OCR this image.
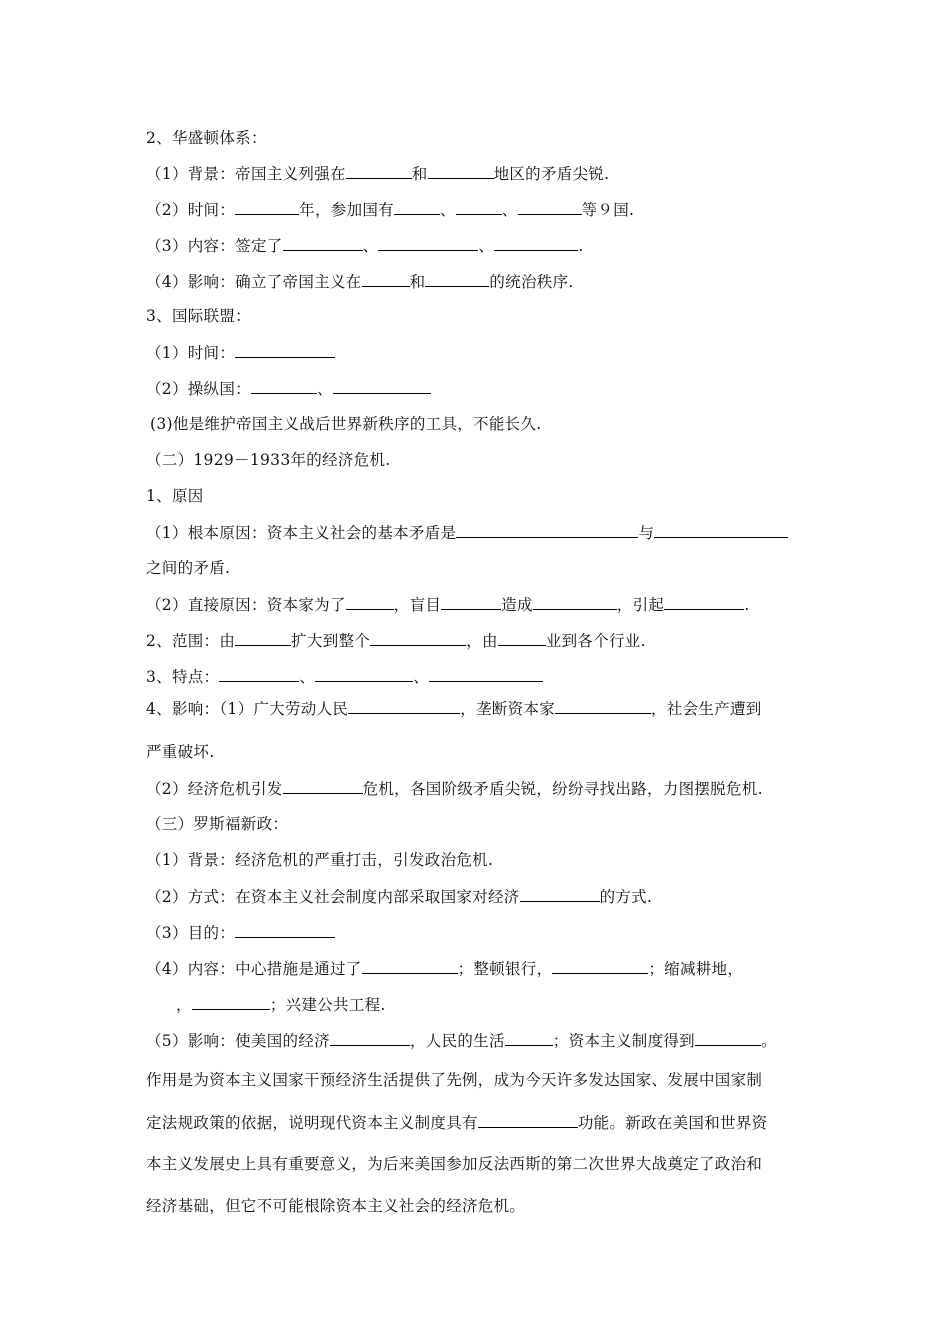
2、华盛顿体系：
（1）背景：帝国主义列强在	和	地区的矛盾尖锐.
（2）时间：	年，参加国有	、	、	等９国.
（3）内容：签定了	、	、	.
（4）影响：确立了帝国主义在	和	的统治秩序.
3、国际联盟：
（1）时间：
（2）操纵国：	、
(3)他是维护帝国主义战后世界新秩序的工具，不能长久.
（二）1929－1933年的经济危机.
1、原因
（1）根本原因：资本主义社会的基本矛盾是	与
之间的矛盾.
（2）直接原因：资本家为了	，盲目	造成	，引起	.
2、范围：由	扩大到整个	，由	业到各个行业.
3、特点：	、	、
4、影响：（1）广大劳动人民	，垄断资本家	，社会生产遭到
严重破坏.
（2）经济危机引发	危机，各国阶级矛盾尖锐，纷纷寻找出路，力图摆脱危机.
（三）罗斯福新政：
（1）背景：经济危机的严重打击，引发政治危机.
（2）方式：在资本主义社会制度内部采取国家对经济	的方式.
（3）目的：
（4）内容：中心措施是通过了	；整顿银行，	；缩减耕地，
，	；兴建公共工程.
（5）影响：使美国的经济	，人民的生活	；资本主义制度得到	。
作用是为资本主义国家干预经济生活提供了先例，成为今天许多发达国家、发展中国家制
定法规政策的依据，说明现代资本主义制度具有	功能。新政在美国和世界资
本主义发展史上具有重要意义，为后来美国参加反法西斯的第二次世界大战奠定了政治和
经济基础，但它不可能根除资本主义社会的经济危机。
